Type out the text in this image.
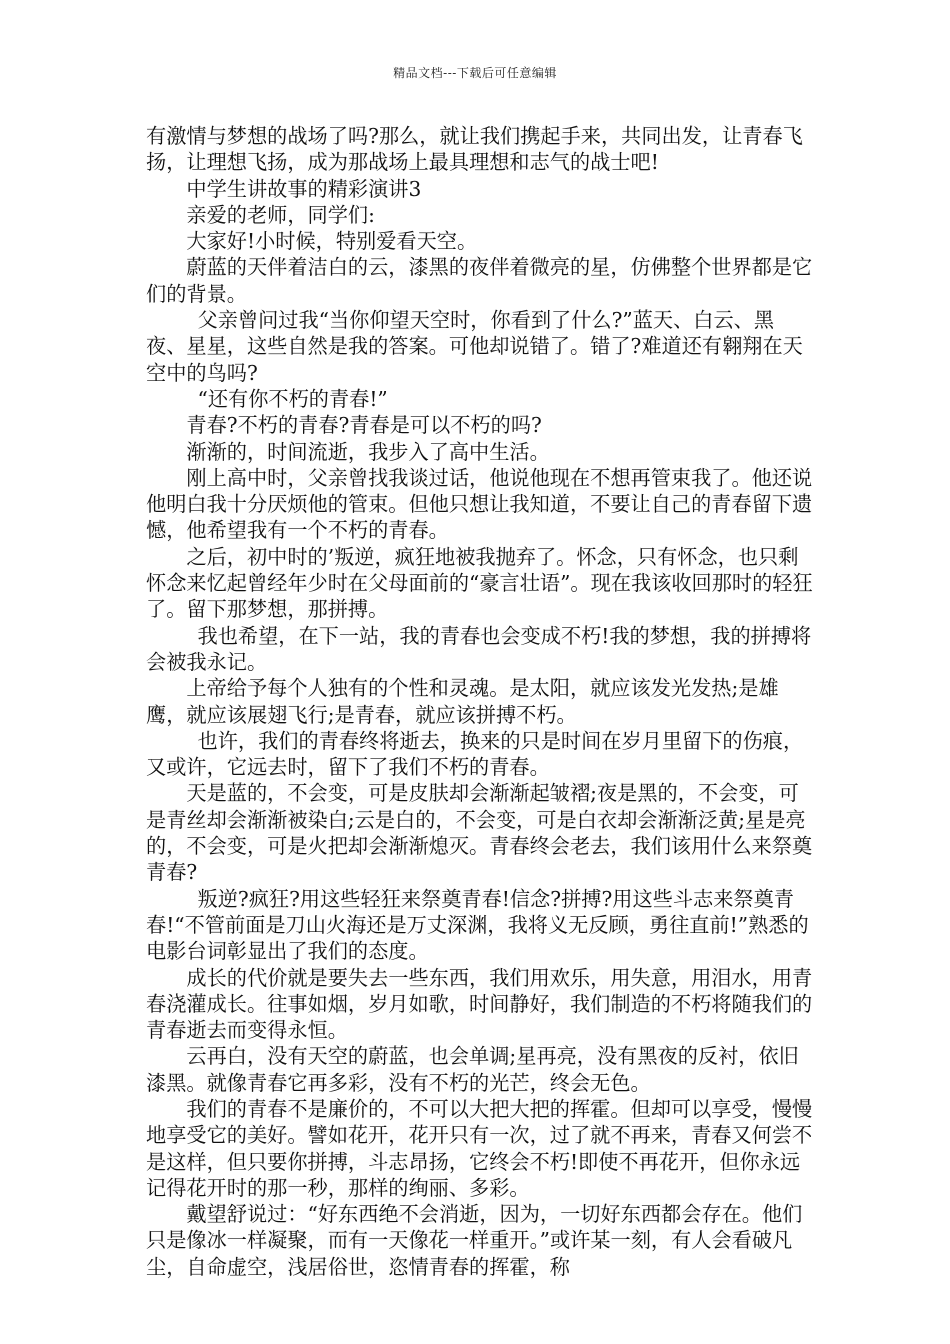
精品文档---下载后可任意编辑

有激情与梦想的战场了吗?那么，就让我们携起手来，共同出发，让青春飞扬，让理想飞扬，成为那战场上最具理想和志气的战士吧!

中学生讲故事的精彩演讲3

亲爱的老师，同学们:

大家好!小时候，特别爱看天空。

蔚蓝的天伴着洁白的云，漆黑的夜伴着微亮的星，仿佛整个世界都是它们的背景。

父亲曾问过我“当你仰望天空时，你看到了什么?”蓝天、白云、黑夜、星星，这些自然是我的答案。可他却说错了。错了?难道还有翱翔在天空中的鸟吗?

“还有你不朽的青春!”

青春?不朽的青春?青春是可以不朽的吗?

渐渐的，时间流逝，我步入了高中生活。

刚上高中时，父亲曾找我谈过话，他说他现在不想再管束我了。他还说他明白我十分厌烦他的管束。但他只想让我知道，不要让自己的青春留下遗憾，他希望我有一个不朽的青春。

之后，初中时的’叛逆，疯狂地被我抛弃了。怀念，只有怀念，也只剩怀念来忆起曾经年少时在父母面前的“豪言壮语”。现在我该收回那时的轻狂了。留下那梦想，那拼搏。

我也希望，在下一站，我的青春也会变成不朽!我的梦想，我的拼搏将会被我永记。

上帝给予每个人独有的个性和灵魂。是太阳，就应该发光发热;是雄鹰，就应该展翅飞行;是青春，就应该拼搏不朽。

也许，我们的青春终将逝去，换来的只是时间在岁月里留下的伤痕，又或许，它远去时，留下了我们不朽的青春。

天是蓝的，不会变，可是皮肤却会渐渐起皱褶;夜是黑的，不会变，可是青丝却会渐渐被染白;云是白的，不会变，可是白衣却会渐渐泛黄;星是亮的，不会变，可是火把却会渐渐熄灭。青春终会老去，我们该用什么来祭奠青春?

叛逆?疯狂?用这些轻狂来祭奠青春!信念?拼搏?用这些斗志来祭奠青春!“不管前面是刀山火海还是万丈深渊，我将义无反顾，勇往直前!”熟悉的电影台词彰显出了我们的态度。

成长的代价就是要失去一些东西，我们用欢乐，用失意，用泪水，用青春浇灌成长。往事如烟，岁月如歌，时间静好，我们制造的不朽将随我们的青春逝去而变得永恒。

云再白，没有天空的蔚蓝，也会单调;星再亮，没有黑夜的反衬，依旧漆黑。就像青春它再多彩，没有不朽的光芒，终会无色。

我们的青春不是廉价的，不可以大把大把的挥霍。但却可以享受，慢慢地享受它的美好。譬如花开，花开只有一次，过了就不再来，青春又何尝不是这样，但只要你拼搏，斗志昂扬，它终会不朽!即使不再花开，但你永远记得花开时的那一秒，那样的绚丽、多彩。

戴望舒说过：“好东西绝不会消逝，因为，一切好东西都会存在。他们只是像冰一样凝聚，而有一天像花一样重开。”或许某一刻，有人会看破凡尘，自命虚空，浅居俗世，恣情青春的挥霍，称
